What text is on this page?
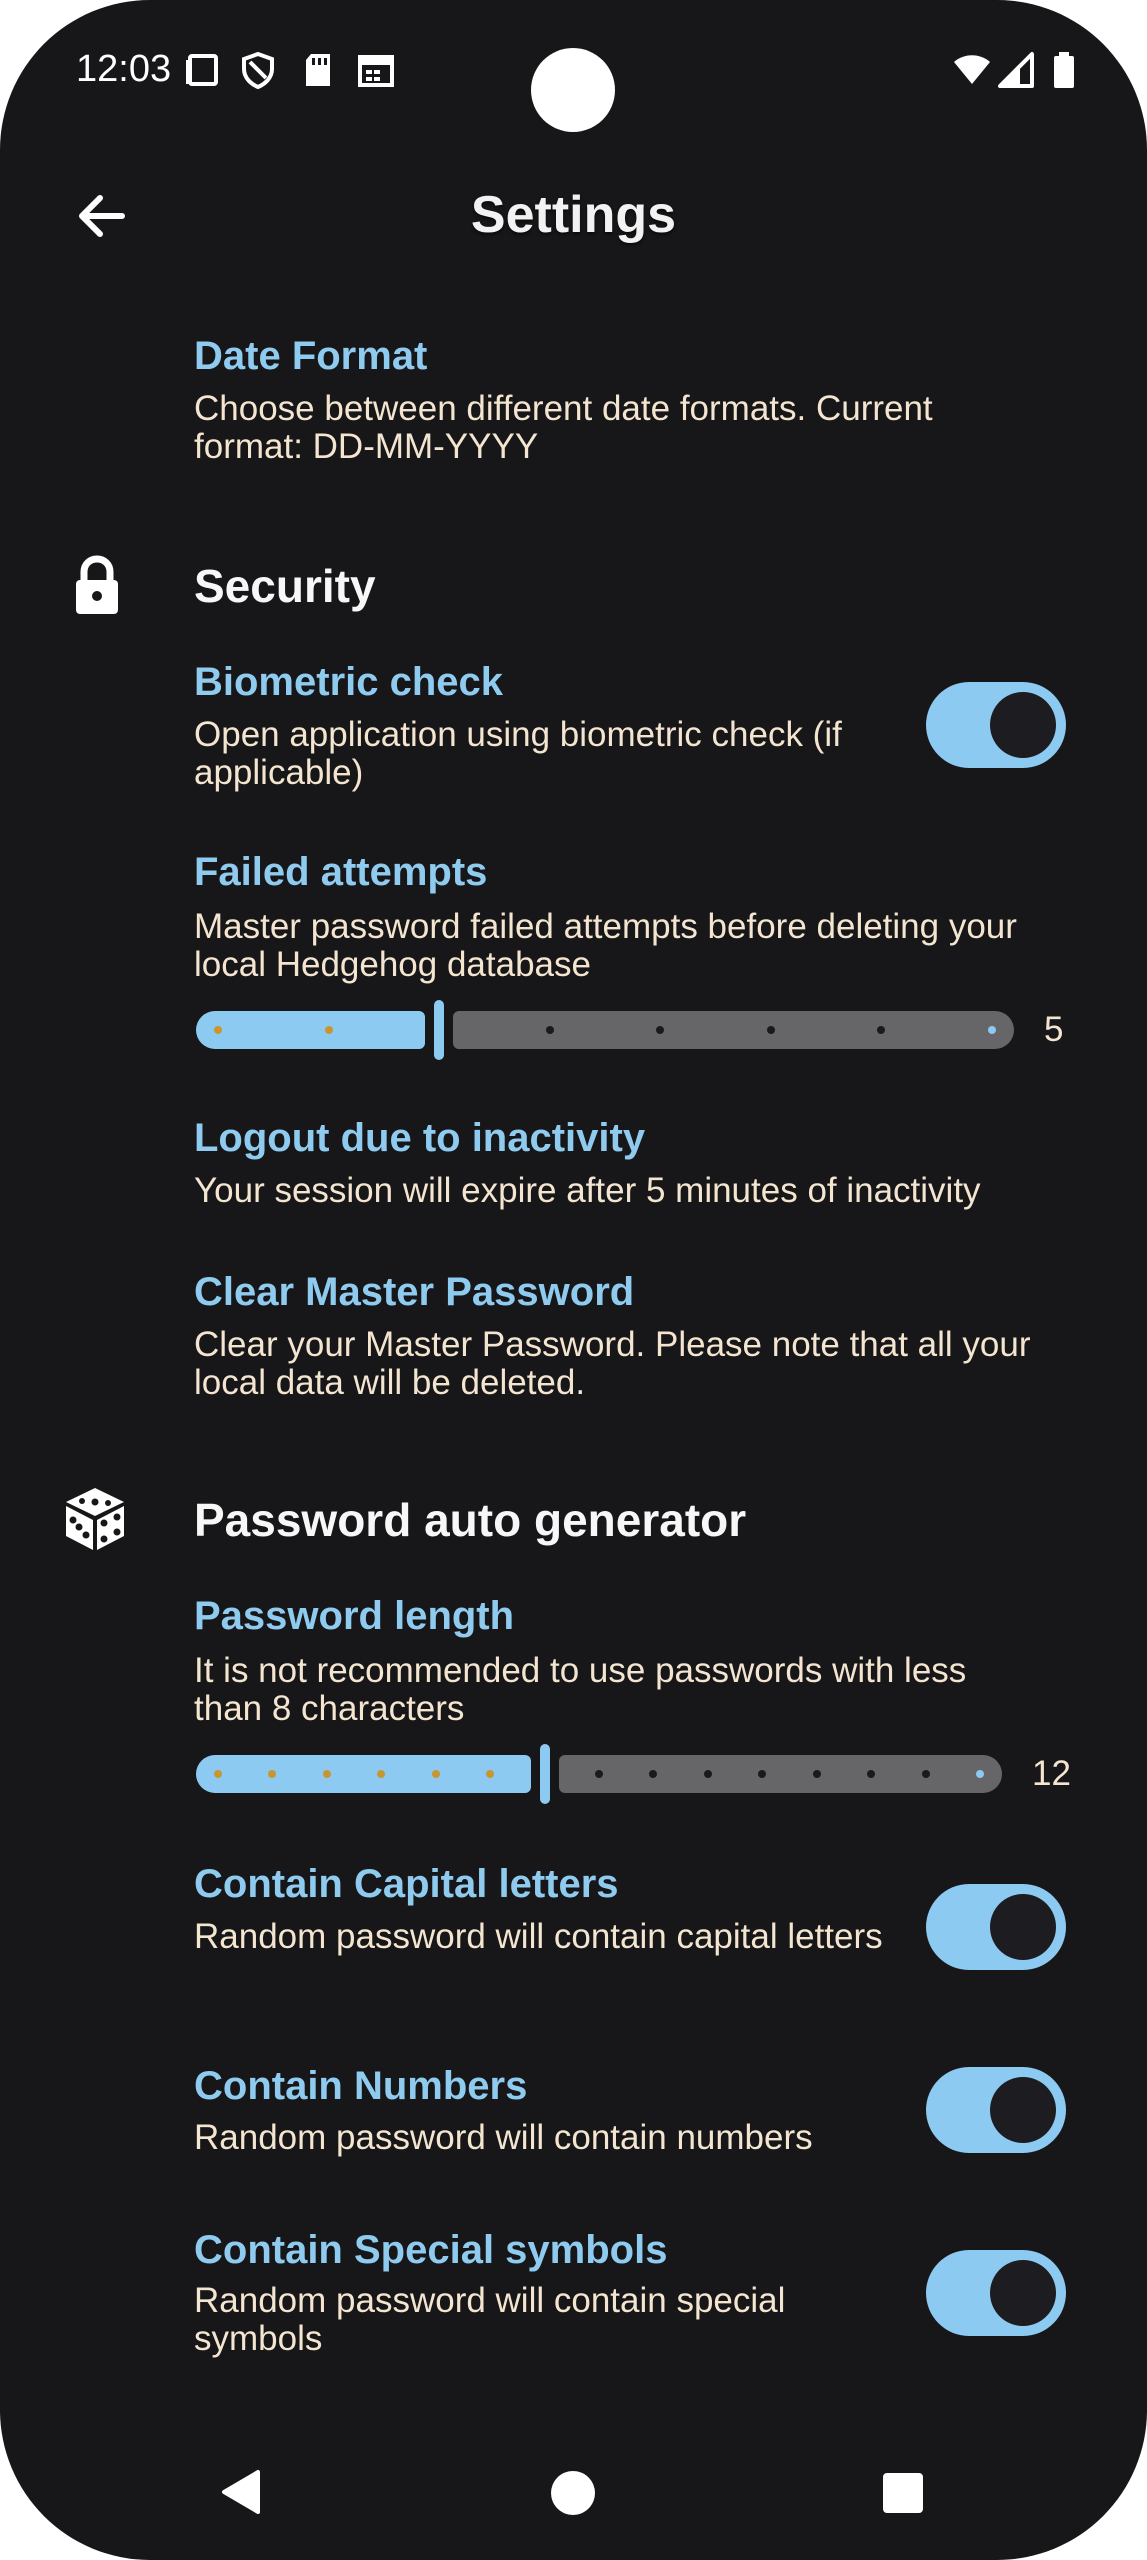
12:03
Settings
Date Format
Choose between different date formats. Current format: DD-MM-YYYY
Security
Biometric check
Open application using biometric check (if applicable)
Failed attempts
Master password failed attempts before deleting your local Hedgehog database
5
Logout due to inactivity
Your session will expire after 5 minutes of inactivity
Clear Master Password
Clear your Master Password. Please note that all your local data will be deleted.
Password auto generator
Password length
It is not recommended to use passwords with less than 8 characters
12
Contain Capital letters
Random password will contain capital letters
Contain Numbers
Random password will contain numbers
Contain Special symbols
Random password will contain special symbols
